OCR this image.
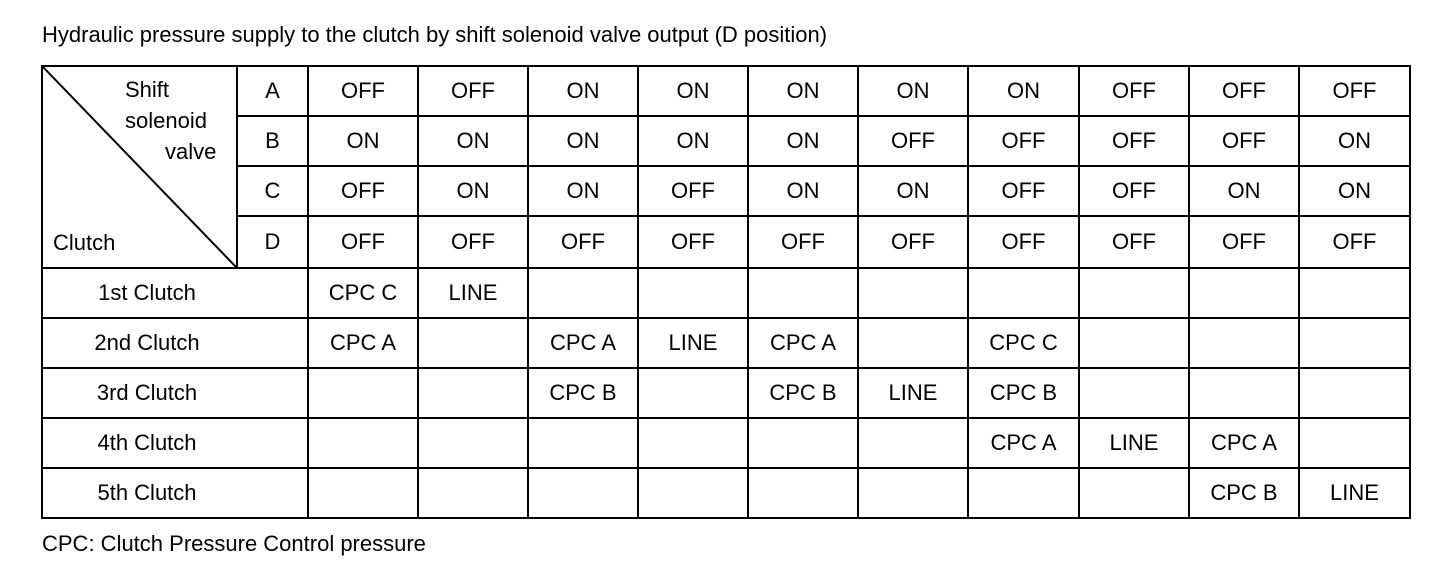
Hydraulic pressure supply to the clutch by shift solenoid valve output (D position)
Shift
solenoid
valve
Clutch	A	OFF	OFF	ON	ON	ON	ON	ON	OFF	OFF	OFF
	B	ON	ON	ON	ON	ON	OFF	OFF	OFF	OFF	ON
	C	OFF	ON	ON	OFF	ON	ON	OFF	OFF	ON	ON
	D	OFF	OFF	OFF	OFF	OFF	OFF	OFF	OFF	OFF	OFF
1st Clutch		CPC C	LINE								
2nd Clutch		CPC A		CPC A	LINE	CPC A		CPC C			
3rd Clutch				CPC B		CPC B	LINE	CPC B			
4th Clutch								CPC A	LINE	CPC A	
5th Clutch										CPC B	LINE
CPC: Clutch Pressure Control pressure
